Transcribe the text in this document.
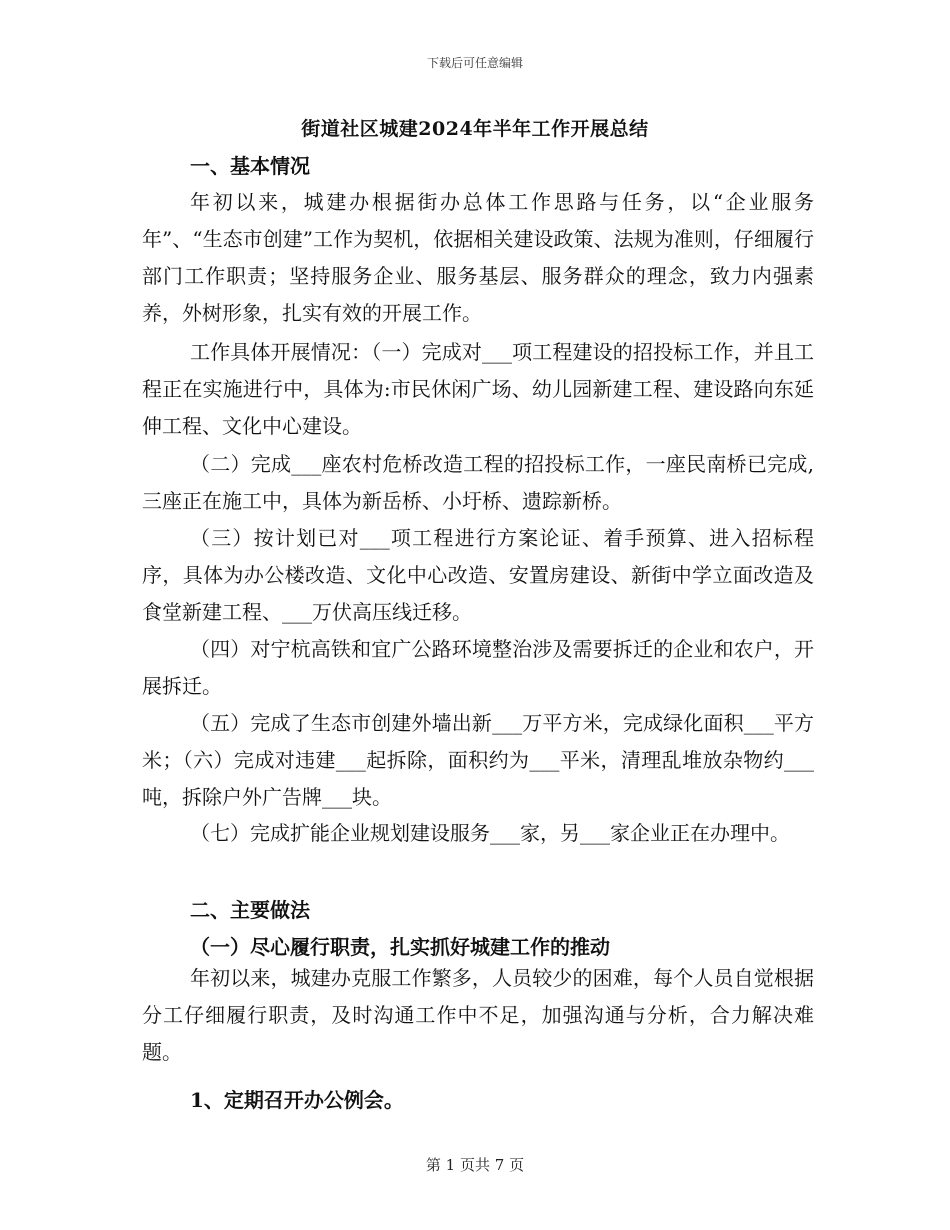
下载后可任意编辑
街道社区城建2024年半年工作开展总结
一、基本情况

年初以来，城建办根据街办总体工作思路与任务，以“企业服务年”、“生态市创建”工作为契机，依据相关建设政策、法规为准则，仔细履行部门工作职责；坚持服务企业、服务基层、服务群众的理念，致力内强素养，外树形象，扎实有效的开展工作。

工作具体开展情况：（一）完成对___项工程建设的招投标工作，并且工程正在实施进行中，具体为:市民休闲广场、幼儿园新建工程、建设路向东延伸工程、文化中心建设。

（二）完成___座农村危桥改造工程的招投标工作，一座民南桥已完成,三座正在施工中，具体为新岳桥、小圩桥、遗踪新桥。

（三）按计划已对___项工程进行方案论证、着手预算、进入招标程序，具体为办公楼改造、文化中心改造、安置房建设、新街中学立面改造及食堂新建工程、___万伏高压线迁移。

（四）对宁杭高铁和宜广公路环境整治涉及需要拆迁的企业和农户，开展拆迁。

（五）完成了生态市创建外墙出新___万平方米，完成绿化面积___平方米；（六）完成对违建___起拆除，面积约为___平米，清理乱堆放杂物约___吨，拆除户外广告牌___块。

（七）完成扩能企业规划建设服务___家，另___家企业正在办理中。

二、主要做法
（一）尽心履行职责，扎实抓好城建工作的推动

年初以来，城建办克服工作繁多，人员较少的困难，每个人员自觉根据分工仔细履行职责，及时沟通工作中不足，加强沟通与分析，合力解决难题。

1、定期召开办公例会。
第 1 页共 7 页
